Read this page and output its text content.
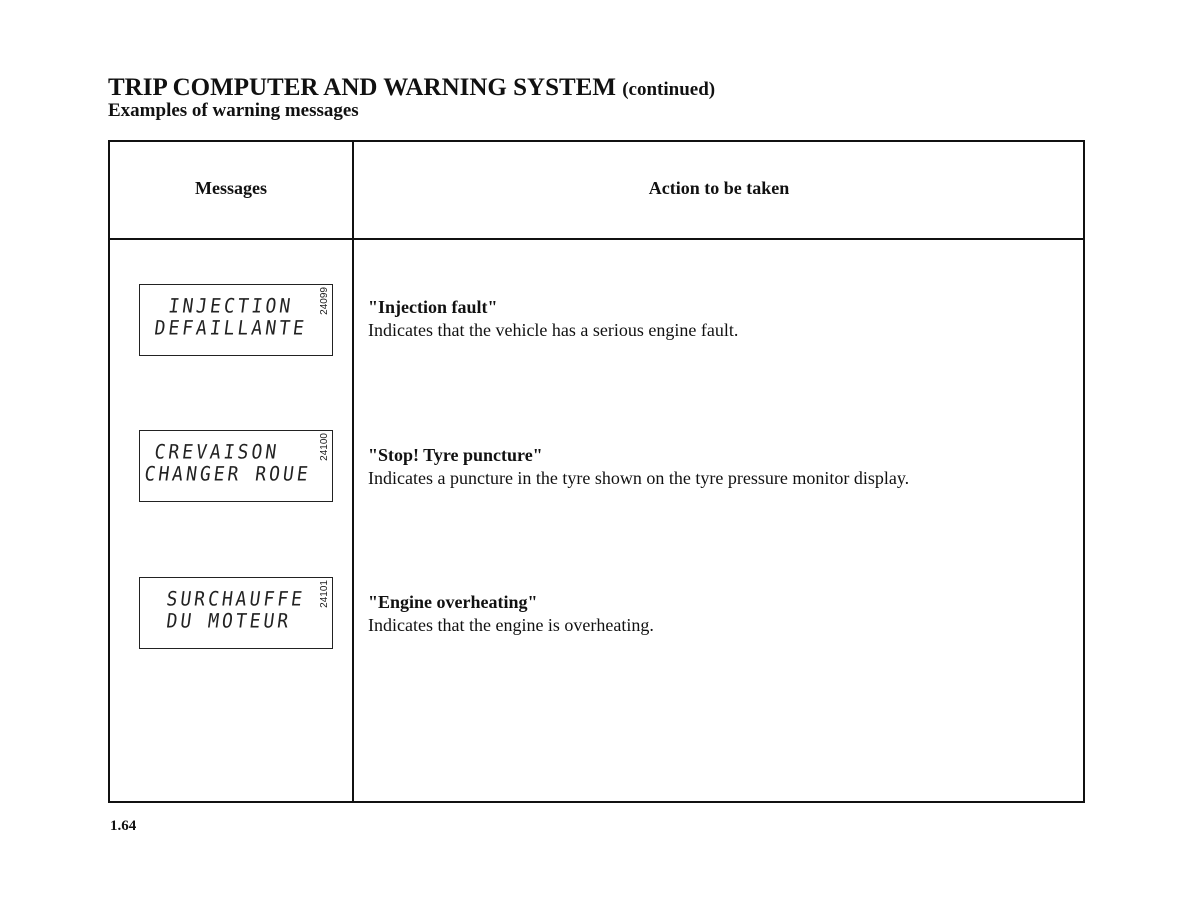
TRIP COMPUTER AND WARNING SYSTEM (continued)
Examples of warning messages
Messages	Action to be taken
INJECTION
DEFAILLANTE
24099 "Injection fault"
Indicates that the vehicle has a serious engine fault.
CREVAISON
CHANGER ROUE
24100 "Stop! Tyre puncture"
Indicates a puncture in the tyre shown on the tyre pressure monitor display.
SURCHAUFFE
DU MOTEUR
24101 "Engine overheating"
Indicates that the engine is overheating.
1.64
